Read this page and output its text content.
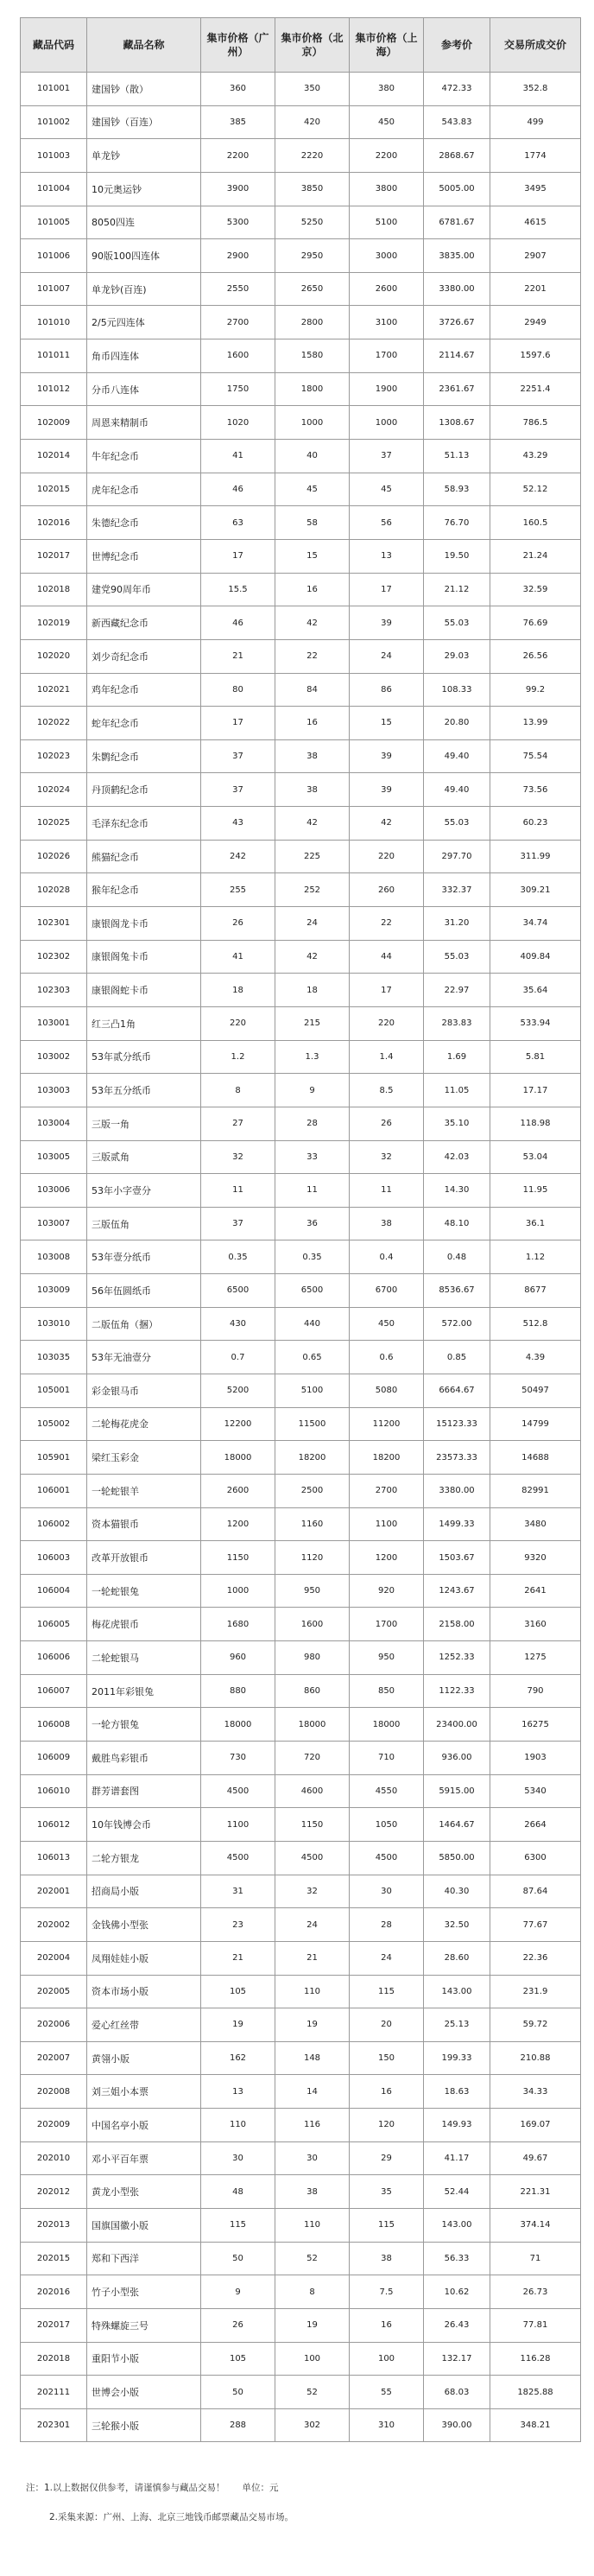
藏品代码	藏品名称	集市价格（广州）	集市价格（北京）	集市价格（上海）	参考价	交易所成交价
101001	建国钞（散）	360	350	380	472.33	352.8
101002	建国钞（百连）	385	420	450	543.83	499
101003	单龙钞	2200	2220	2200	2868.67	1774
101004	10元奥运钞	3900	3850	3800	5005.00	3495
101005	8050四连	5300	5250	5100	6781.67	4615
101006	90版100四连体	2900	2950	3000	3835.00	2907
101007	单龙钞(百连)	2550	2650	2600	3380.00	2201
101010	2/5元四连体	2700	2800	3100	3726.67	2949
101011	角币四连体	1600	1580	1700	2114.67	1597.6
101012	分币八连体	1750	1800	1900	2361.67	2251.4
102009	周恩来精制币	1020	1000	1000	1308.67	786.5
102014	牛年纪念币	41	40	37	51.13	43.29
102015	虎年纪念币	46	45	45	58.93	52.12
102016	朱德纪念币	63	58	56	76.70	160.5
102017	世博纪念币	17	15	13	19.50	21.24
102018	建党90周年币	15.5	16	17	21.12	32.59
102019	新西藏纪念币	46	42	39	55.03	76.69
102020	刘少奇纪念币	21	22	24	29.03	26.56
102021	鸡年纪念币	80	84	86	108.33	99.2
102022	蛇年纪念币	17	16	15	20.80	13.99
102023	朱鹮纪念币	37	38	39	49.40	75.54
102024	丹顶鹤纪念币	37	38	39	49.40	73.56
102025	毛泽东纪念币	43	42	42	55.03	60.23
102026	熊猫纪念币	242	225	220	297.70	311.99
102028	猴年纪念币	255	252	260	332.37	309.21
102301	康银阁龙卡币	26	24	22	31.20	34.74
102302	康银阁兔卡币	41	42	44	55.03	409.84
102303	康银阁蛇卡币	18	18	17	22.97	35.64
103001	红三凸1角	220	215	220	283.83	533.94
103002	53年贰分纸币	1.2	1.3	1.4	1.69	5.81
103003	53年五分纸币	8	9	8.5	11.05	17.17
103004	三版一角	27	28	26	35.10	118.98
103005	三版贰角	32	33	32	42.03	53.04
103006	53年小字壹分	11	11	11	14.30	11.95
103007	三版伍角	37	36	38	48.10	36.1
103008	53年壹分纸币	0.35	0.35	0.4	0.48	1.12
103009	56年伍圆纸币	6500	6500	6700	8536.67	8677
103010	二版伍角（捆）	430	440	450	572.00	512.8
103035	53年无油壹分	0.7	0.65	0.6	0.85	4.39
105001	彩金银马币	5200	5100	5080	6664.67	50497
105002	二轮梅花虎金	12200	11500	11200	15123.33	14799
105901	梁红玉彩金	18000	18200	18200	23573.33	14688
106001	一轮蛇银羊	2600	2500	2700	3380.00	82991
106002	资本猫银币	1200	1160	1100	1499.33	3480
106003	改革开放银币	1150	1120	1200	1503.67	9320
106004	一轮蛇银兔	1000	950	920	1243.67	2641
106005	梅花虎银币	1680	1600	1700	2158.00	3160
106006	二轮蛇银马	960	980	950	1252.33	1275
106007	2011年彩银兔	880	860	850	1122.33	790
106008	一轮方银兔	18000	18000	18000	23400.00	16275
106009	戴胜鸟彩银币	730	720	710	936.00	1903
106010	群芳谱套图	4500	4600	4550	5915.00	5340
106012	10年钱博会币	1100	1150	1050	1464.67	2664
106013	二轮方银龙	4500	4500	4500	5850.00	6300
202001	招商局小版	31	32	30	40.30	87.64
202002	金钱佛小型张	23	24	28	32.50	77.67
202004	凤翔娃娃小版	21	21	24	28.60	22.36
202005	资本市场小版	105	110	115	143.00	231.9
202006	爱心红丝带	19	19	20	25.13	59.72
202007	黄翎小版	162	148	150	199.33	210.88
202008	刘三姐小本票	13	14	16	18.63	34.33
202009	中国名亭小版	110	116	120	149.93	169.07
202010	邓小平百年票	30	30	29	41.17	49.67
202012	黄龙小型张	48	38	35	52.44	221.31
202013	国旗国徽小版	115	110	115	143.00	374.14
202015	郑和下西洋	50	52	38	56.33	71
202016	竹子小型张	9	8	7.5	10.62	26.73
202017	特殊螺旋三号	26	19	16	26.43	77.81
202018	重阳节小版	105	100	100	132.17	116.28
202111	世博会小版	50	52	55	68.03	1825.88
202301	三轮猴小版	288	302	310	390.00	348.21
注：1.以上数据仅供参考，请谨慎参与藏品交易！ 单位：元
2.采集来源：广州、上海、北京三地钱币邮票藏品交易市场。
